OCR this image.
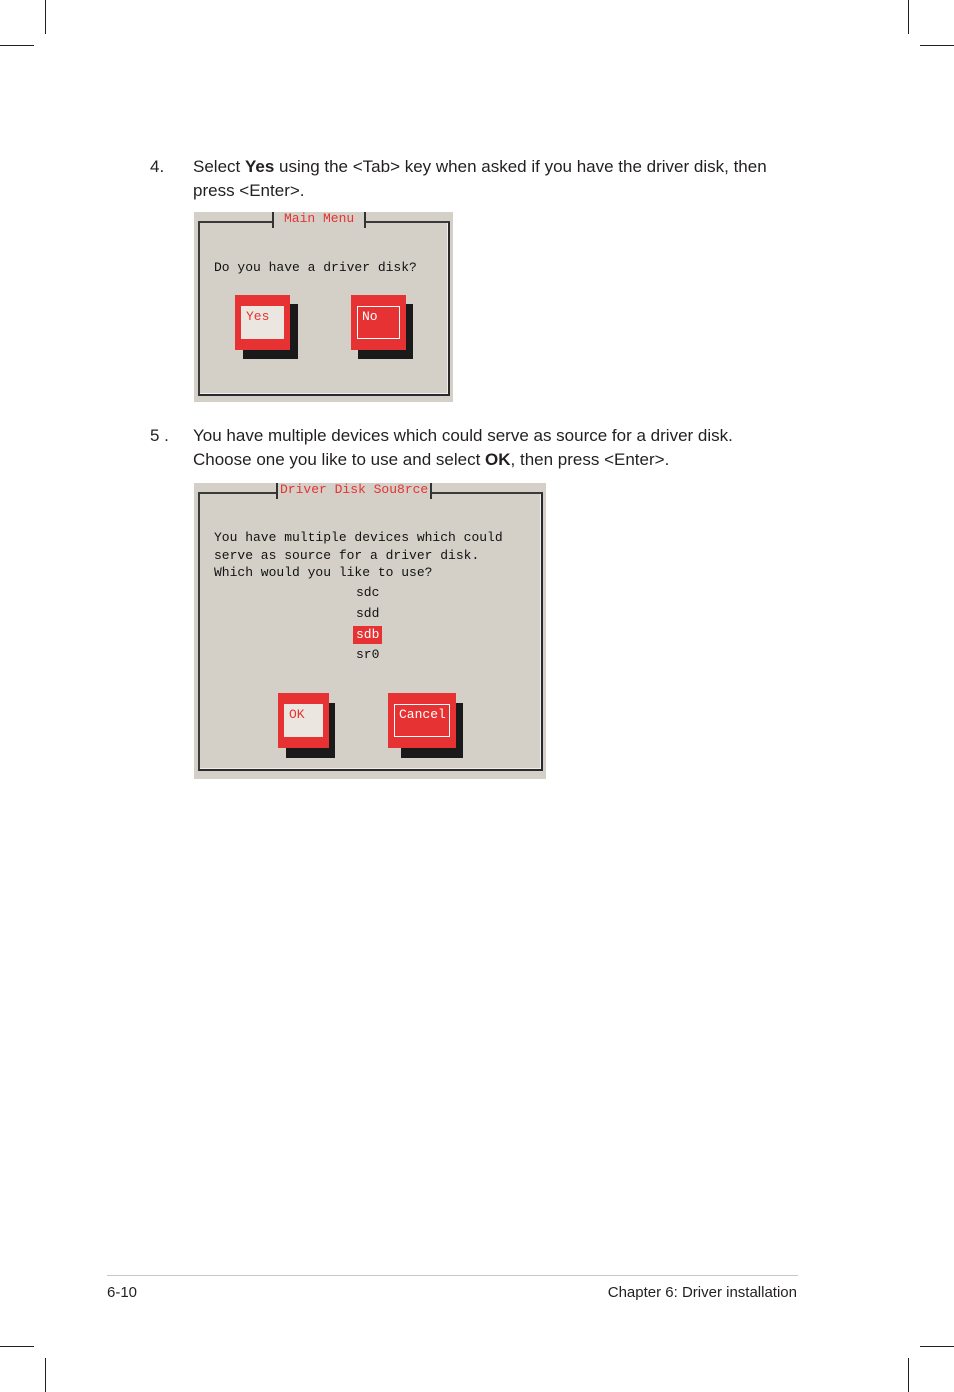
4. Select Yes using the <Tab> key when asked if you have the driver disk, then
press <Enter>.
Main Menu
Do you have a driver disk?
Yes	No
5 . You have multiple devices which could serve as source for a driver disk.
Choose one you like to use and select OK, then press <Enter>.
Driver Disk Sou8rce
You have multiple devices which could
serve as source for a driver disk.
Which would you like to use?
sdc
sdd
sdb
sr0
OK	Cancel
6-10	Chapter 6: Driver installation
